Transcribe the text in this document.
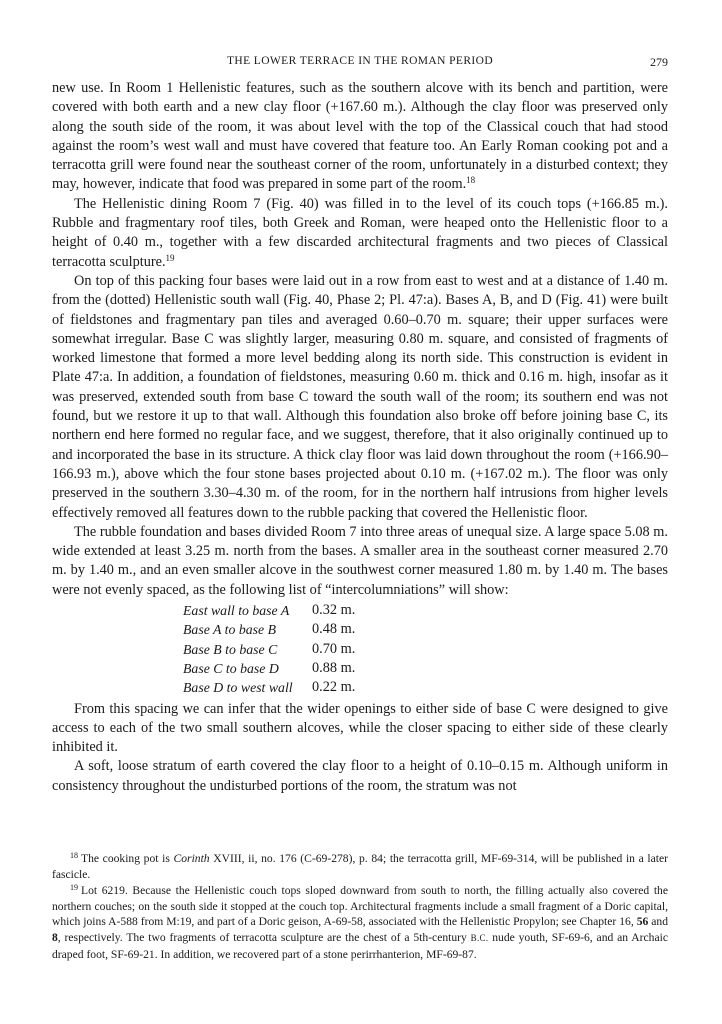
THE LOWER TERRACE IN THE ROMAN PERIOD	279

new use. In Room 1 Hellenistic features, such as the southern alcove with its bench and partition, were covered with both earth and a new clay floor (+167.60 m.). Although the clay floor was preserved only along the south side of the room, it was about level with the top of the Classical couch that had stood against the room’s west wall and must have covered that feature too. An Early Roman cooking pot and a terracotta grill were found near the southeast corner of the room, unfortunately in a disturbed context; they may, however, indicate that food was prepared in some part of the room.$^{18}$

The Hellenistic dining Room 7 (Fig. 40) was filled in to the level of its couch tops (+166.85 m.). Rubble and fragmentary roof tiles, both Greek and Roman, were heaped onto the Hellenistic floor to a height of 0.40 m., together with a few discarded architectural fragments and two pieces of Classical terracotta sculpture.$^{19}$

On top of this packing four bases were laid out in a row from east to west and at a distance of 1.40 m. from the (dotted) Hellenistic south wall (Fig. 40, Phase 2; Pl. 47:a). Bases A, B, and D (Fig. 41) were built of fieldstones and fragmentary pan tiles and averaged 0.60–0.70 m. square; their upper surfaces were somewhat irregular. Base C was slightly larger, measuring 0.80 m. square, and consisted of fragments of worked limestone that formed a more level bedding along its north side. This construction is evident in Plate 47:a. In addition, a foundation of fieldstones, measuring 0.60 m. thick and 0.16 m. high, insofar as it was preserved, extended south from base C toward the south wall of the room; its southern end was not found, but we restore it up to that wall. Although this foundation also broke off before joining base C, its northern end here formed no regular face, and we suggest, therefore, that it also originally continued up to and incorporated the base in its structure. A thick clay floor was laid down throughout the room (+166.90–166.93 m.), above which the four stone bases projected about 0.10 m. (+167.02 m.). The floor was only preserved in the southern 3.30–4.30 m. of the room, for in the northern half intrusions from higher levels effectively removed all features down to the rubble packing that covered the Hellenistic floor.

The rubble foundation and bases divided Room 7 into three areas of unequal size. A large space 5.08 m. wide extended at least 3.25 m. north from the bases. A smaller area in the southeast corner measured 2.70 m. by 1.40 m., and an even smaller alcove in the southwest corner measured 1.80 m. by 1.40 m. The bases were not evenly spaced, as the following list of “intercolumniations” will show:

East wall to base A	0.32 m.
Base A to base B	0.48 m.
Base B to base C	0.70 m.
Base C to base D	0.88 m.
Base D to west wall	0.22 m.

From this spacing we can infer that the wider openings to either side of base C were designed to give access to each of the two small southern alcoves, while the closer spacing to either side of these clearly inhibited it.

A soft, loose stratum of earth covered the clay floor to a height of 0.10–0.15 m. Although uniform in consistency throughout the undisturbed portions of the room, the stratum was not

$^{18}$ The cooking pot is Corinth XVIII, ii, no. 176 (C-69-278), p. 84; the terracotta grill, MF-69-314, will be published in a later fascicle.

$^{19}$ Lot 6219. Because the Hellenistic couch tops sloped downward from south to north, the filling actually also covered the northern couches; on the south side it stopped at the couch top. Architectural fragments include a small fragment of a Doric capital, which joins A-588 from M:19, and part of a Doric geison, A-69-58, associated with the Hellenistic Propylon; see Chapter 16, 56 and 8, respectively. The two fragments of terracotta sculpture are the chest of a 5th-century B.C. nude youth, SF-69-6, and an Archaic draped foot, SF-69-21. In addition, we recovered part of a stone perirrhanterion, MF-69-87.
